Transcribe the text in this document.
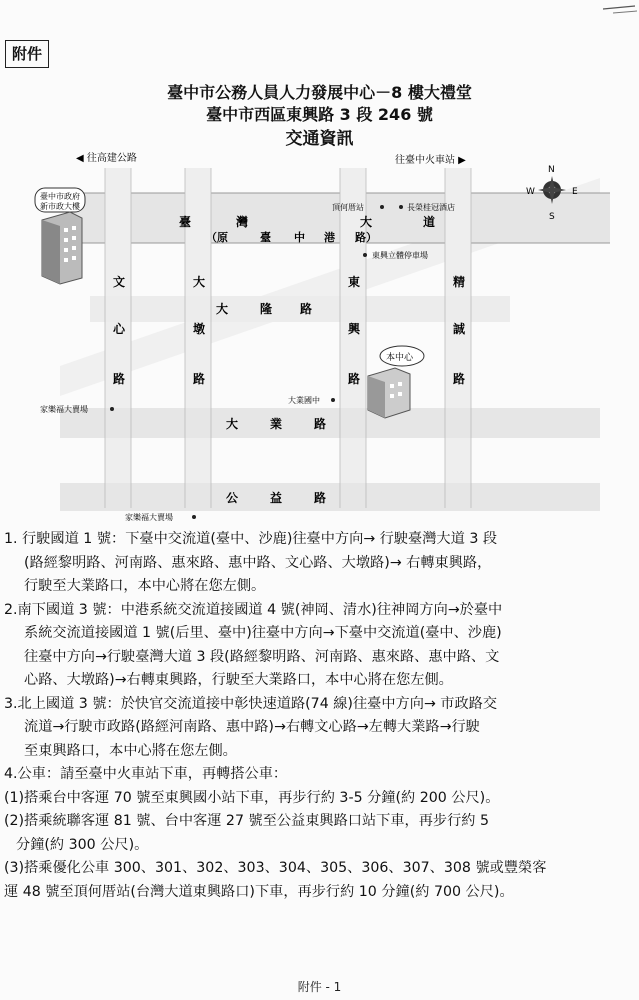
附件
臺中市公務人員人力發展中心－8 樓大禮堂
臺中市西區東興路 3 段 246 號
交通資訊
◀ 往高建公路	往臺中火車站 ▶
N
S
E
W
臺中市政府
新市政大樓	頂何厝站	長榮桂冠酒店
東興立體停車場
大業國中
家樂福大賣場
家樂福大賣場
本中心
臺	灣	大	道
（原	臺 中 港 路）
文
心
路
大
墩
路
大	隆 路
東
興
路
精
誠
路
大	業	路
公	益	路

1. 行駛國道 1 號：下臺中交流道(臺中、沙鹿)往臺中方向→ 行駛臺灣大道 3 段

(路經黎明路、河南路、惠來路、惠中路、文心路、大墩路)→ 右轉東興路，

行駛至大業路口，本中心將在您左側。

2.南下國道 3 號：中港系統交流道接國道 4 號(神岡、清水)往神岡方向→於臺中

系統交流道接國道 1 號(后里、臺中)往臺中方向→下臺中交流道(臺中、沙鹿)

往臺中方向→行駛臺灣大道 3 段(路經黎明路、河南路、惠來路、惠中路、文

心路、大墩路)→右轉東興路，行駛至大業路口，本中心將在您左側。

3.北上國道 3 號：於快官交流道接中彰快速道路(74 線)往臺中方向→ 市政路交

流道→行駛市政路(路經河南路、惠中路)→右轉文心路→左轉大業路→行駛

至東興路口，本中心將在您左側。

4.公車：請至臺中火車站下車，再轉搭公車：

(1)搭乘台中客運 70 號至東興國小站下車，再步行約 3-5 分鐘(約 200 公尺)。

(2)搭乘統聯客運 81 號、台中客運 27 號至公益東興路口站下車，再步行約 5

分鐘(約 300 公尺)。

(3)搭乘優化公車 300、301、302、303、304、305、306、307、308 號或豐榮客

運 48 號至頂何厝站(台灣大道東興路口)下車，再步行約 10 分鐘(約 700 公尺)。

附件 - 1
